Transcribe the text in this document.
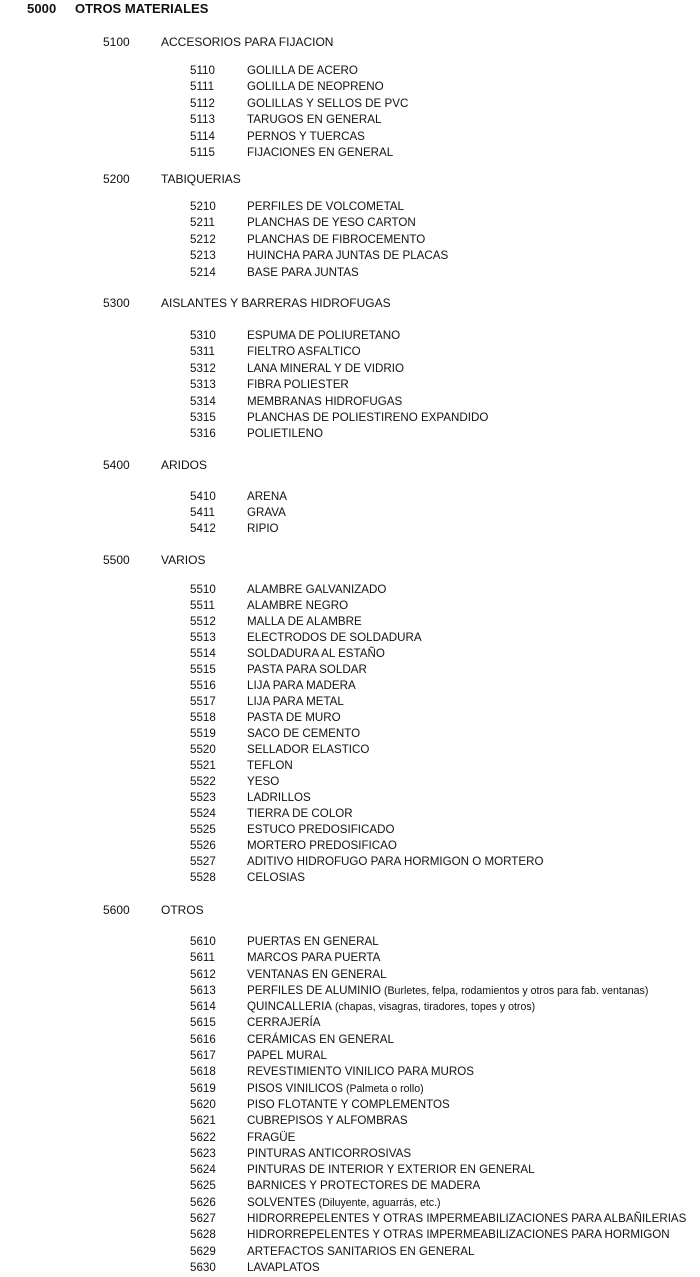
5000 OTROS MATERIALES
5100	ACCESORIOS PARA FIJACION
5110	GOLILLA DE ACERO
5111	GOLILLA DE NEOPRENO
5112	GOLILLAS Y SELLOS DE PVC
5113	TARUGOS EN GENERAL
5114	PERNOS Y TUERCAS
5115	FIJACIONES EN GENERAL
5200	TABIQUERIAS
5210	PERFILES DE VOLCOMETAL
5211	PLANCHAS DE YESO CARTON
5212	PLANCHAS DE FIBROCEMENTO
5213	HUINCHA PARA JUNTAS DE PLACAS
5214	BASE PARA JUNTAS
5300	AISLANTES Y BARRERAS HIDROFUGAS
5310	ESPUMA DE POLIURETANO
5311	FIELTRO ASFALTICO
5312	LANA MINERAL Y DE VIDRIO
5313	FIBRA POLIESTER
5314	MEMBRANAS HIDROFUGAS
5315	PLANCHAS DE POLIESTIRENO EXPANDIDO
5316	POLIETILENO
5400	ARIDOS
5410	ARENA
5411	GRAVA
5412	RIPIO
5500	VARIOS
5510	ALAMBRE GALVANIZADO
5511	ALAMBRE NEGRO
5512	MALLA DE ALAMBRE
5513	ELECTRODOS DE SOLDADURA
5514	SOLDADURA AL ESTAÑO
5515	PASTA PARA SOLDAR
5516	LIJA PARA MADERA
5517	LIJA PARA METAL
5518	PASTA DE MURO
5519	SACO DE CEMENTO
5520	SELLADOR ELASTICO
5521	TEFLON
5522	YESO
5523	LADRILLOS
5524	TIERRA DE COLOR
5525	ESTUCO PREDOSIFICADO
5526	MORTERO PREDOSIFICAO
5527	ADITIVO HIDROFUGO PARA HORMIGON O MORTERO
5528	CELOSIAS
5600	OTROS
5610	PUERTAS EN GENERAL
5611	MARCOS PARA PUERTA
5612	VENTANAS EN GENERAL
5613	PERFILES DE ALUMINIO (Burletes, felpa, rodamientos y otros para fab. ventanas)
5614	QUINCALLERIA (chapas, visagras, tiradores, topes y otros)
5615	CERRAJERÍA
5616	CERÁMICAS EN GENERAL
5617	PAPEL MURAL
5618	REVESTIMIENTO VINILICO PARA MUROS
5619	PISOS VINILICOS (Palmeta o rollo)
5620	PISO FLOTANTE Y COMPLEMENTOS
5621	CUBREPISOS Y ALFOMBRAS
5622	FRAGÜE
5623	PINTURAS ANTICORROSIVAS
5624	PINTURAS DE INTERIOR Y EXTERIOR EN GENERAL
5625	BARNICES Y PROTECTORES DE MADERA
5626	SOLVENTES (Diluyente, aguarrás, etc.)
5627	HIDRORREPELENTES Y OTRAS IMPERMEABILIZACIONES PARA ALBAÑILERIAS
5628	HIDRORREPELENTES Y OTRAS IMPERMEABILIZACIONES PARA HORMIGON
5629	ARTEFACTOS SANITARIOS EN GENERAL
5630	LAVAPLATOS
